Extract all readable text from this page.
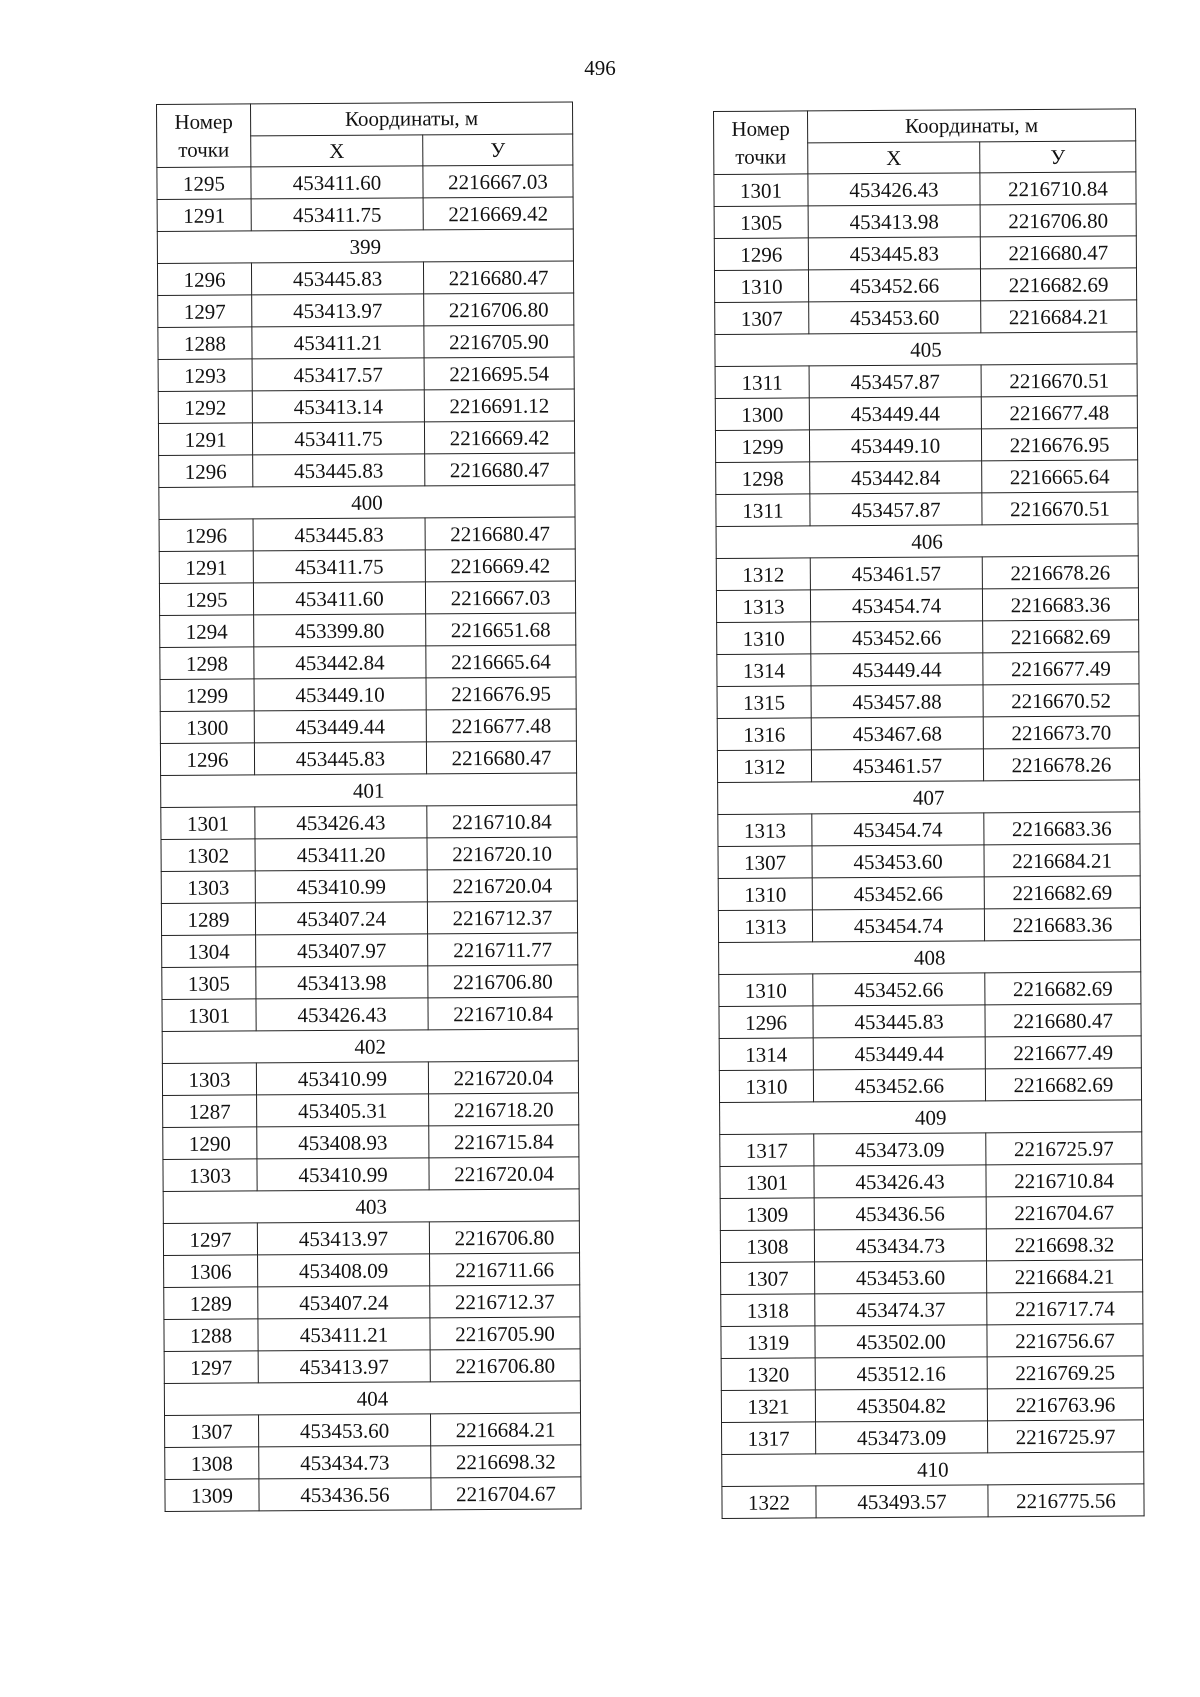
496
Номер точки	Координаты, м	
	X	У
1295	453411.60	2216667.03
1291	453411.75	2216669.42
399		
1296	453445.83	2216680.47
1297	453413.97	2216706.80
1288	453411.21	2216705.90
1293	453417.57	2216695.54
1292	453413.14	2216691.12
1291	453411.75	2216669.42
1296	453445.83	2216680.47
400		
1296	453445.83	2216680.47
1291	453411.75	2216669.42
1295	453411.60	2216667.03
1294	453399.80	2216651.68
1298	453442.84	2216665.64
1299	453449.10	2216676.95
1300	453449.44	2216677.48
1296	453445.83	2216680.47
401		
1301	453426.43	2216710.84
1302	453411.20	2216720.10
1303	453410.99	2216720.04
1289	453407.24	2216712.37
1304	453407.97	2216711.77
1305	453413.98	2216706.80
1301	453426.43	2216710.84
402		
1303	453410.99	2216720.04
1287	453405.31	2216718.20
1290	453408.93	2216715.84
1303	453410.99	2216720.04
403		
1297	453413.97	2216706.80
1306	453408.09	2216711.66
1289	453407.24	2216712.37
1288	453411.21	2216705.90
1297	453413.97	2216706.80
404		
1307	453453.60	2216684.21
1308	453434.73	2216698.32
1309	453436.56	2216704.67
Номер точки	Координаты, м	
	X	У
1301	453426.43	2216710.84
1305	453413.98	2216706.80
1296	453445.83	2216680.47
1310	453452.66	2216682.69
1307	453453.60	2216684.21
405		
1311	453457.87	2216670.51
1300	453449.44	2216677.48
1299	453449.10	2216676.95
1298	453442.84	2216665.64
1311	453457.87	2216670.51
406		
1312	453461.57	2216678.26
1313	453454.74	2216683.36
1310	453452.66	2216682.69
1314	453449.44	2216677.49
1315	453457.88	2216670.52
1316	453467.68	2216673.70
1312	453461.57	2216678.26
407		
1313	453454.74	2216683.36
1307	453453.60	2216684.21
1310	453452.66	2216682.69
1313	453454.74	2216683.36
408		
1310	453452.66	2216682.69
1296	453445.83	2216680.47
1314	453449.44	2216677.49
1310	453452.66	2216682.69
409		
1317	453473.09	2216725.97
1301	453426.43	2216710.84
1309	453436.56	2216704.67
1308	453434.73	2216698.32
1307	453453.60	2216684.21
1318	453474.37	2216717.74
1319	453502.00	2216756.67
1320	453512.16	2216769.25
1321	453504.82	2216763.96
1317	453473.09	2216725.97
410		
1322	453493.57	2216775.56
